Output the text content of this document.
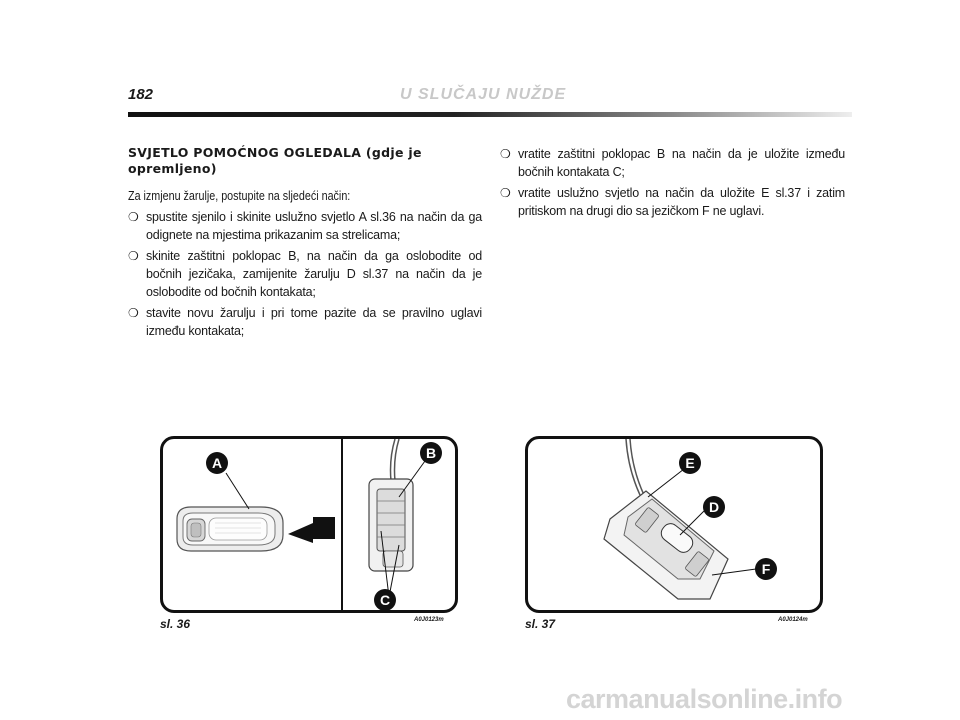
182	U SLUČAJU NUŽDE
SVJETLO POMOĆNOG OGLEDALA (gdje je opremljeno)
Za izmjenu žarulje, postupite na sljedeći način:
❍ spustite sjenilo i skinite uslužno svjetlo A sl.36 na način da ga odignete na mjestima prikazanim sa strelicama;
❍ skinite zaštitni poklopac B, na način da ga oslobodite od bočnih jezičaka, zamijenite žarulju D sl.37 na način da je oslobodite od bočnih kontakata;
❍ stavite novu žarulju i pri tome pazite da se pravilno uglavi između kontakata;
❍ vratite zaštitni poklopac B na način da je uložite između bočnih kontakata C;
❍ vratite uslužno svjetlo na način da uložite E sl.37 i zatim pritiskom na drugi dio sa jezičkom F ne uglavi.
A
B
C
E
D
F
sl. 36	A0J0123m	sl. 37	A0J0124m
carmanualsonline.info
